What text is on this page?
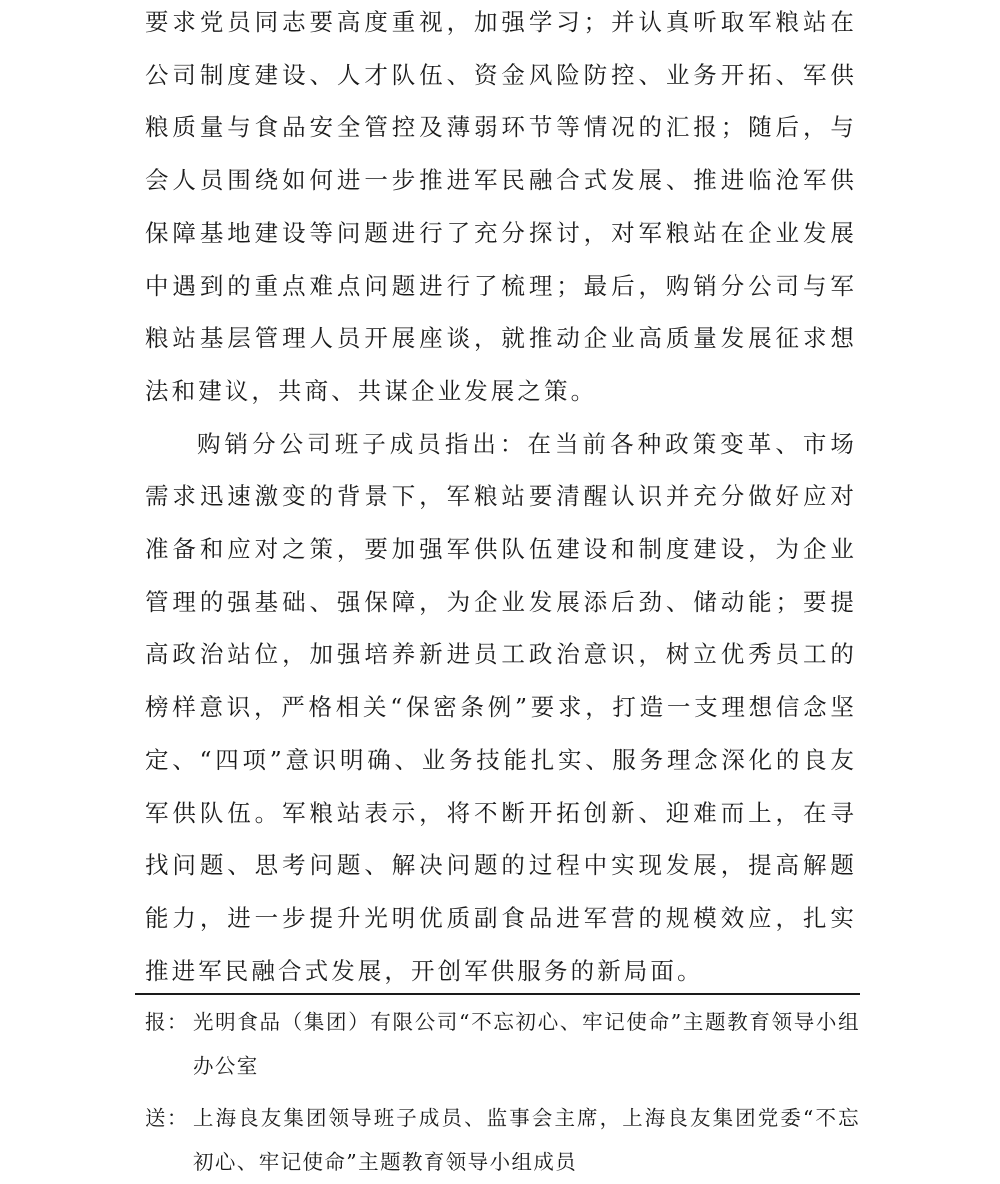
要求党员同志要高度重视，加强学习；并认真听取军粮站在公司制度建设、人才队伍、资金风险防控、业务开拓、军供粮质量与食品安全管控及薄弱环节等情况的汇报；随后，与会人员围绕如何进一步推进军民融合式发展、推进临沧军供保障基地建设等问题进行了充分探讨，对军粮站在企业发展中遇到的重点难点问题进行了梳理；最后，购销分公司与军粮站基层管理人员开展座谈，就推动企业高质量发展征求想法和建议，共商、共谋企业发展之策。

购销分公司班子成员指出：在当前各种政策变革、市场需求迅速激变的背景下，军粮站要清醒认识并充分做好应对准备和应对之策，要加强军供队伍建设和制度建设，为企业管理的强基础、强保障，为企业发展添后劲、储动能；要提高政治站位，加强培养新进员工政治意识，树立优秀员工的榜样意识，严格相关“保密条例”要求，打造一支理想信念坚定、“四项”意识明确、业务技能扎实、服务理念深化的良友军供队伍。军粮站表示，将不断开拓创新、迎难而上，在寻找问题、思考问题、解决问题的过程中实现发展，提高解题能力，进一步提升光明优质副食品进军营的规模效应，扎实推进军民融合式发展，开创军供服务的新局面。

报： 光明食品（集团）有限公司“不忘初心、牢记使命”主题教育领导小组办公室
送： 上海良友集团领导班子成员、监事会主席，上海良友集团党委“不忘初心、牢记使命”主题教育领导小组成员
